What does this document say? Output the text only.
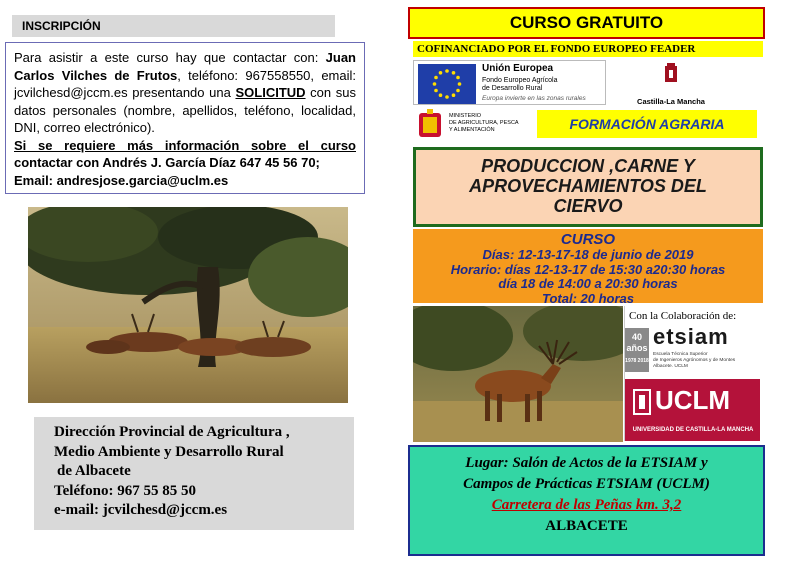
INSCRIPCIÓN
Para asistir a este curso hay que contactar con: Juan Carlos Vilches de Frutos, teléfono: 967558550, email: jcvilchesd@jccm.es presentando una SOLICITUD con sus datos personales (nombre, apellidos, teléfono, localidad, DNI, correo electrónico).
Si se requiere más información sobre el curso contactar con Andrés J. García Díaz 647 45 56 70;
Email: andresjose.garcia@uclm.es
Dirección Provincial de Agricultura ,
Medio Ambiente y Desarrollo Rural
de Albacete
Teléfono: 967 55 85 50
e-mail: jcvilchesd@jccm.es
CURSO GRATUITO
COFINANCIADO POR EL FONDO EUROPEO FEADER
Unión Europea
Fondo Europeo Agrícola
de Desarrollo Rural
Europa invierte en las zonas rurales	Castilla-La Mancha
MINISTERIO
DE AGRICULTURA, PESCA
Y ALIMENTACIÓN	FORMACIÓN AGRARIA
PRODUCCION ,CARNE Y
APROVECHAMIENTOS DEL
CIERVO
CURSO
Días: 12-13-17-18 de junio de 2019
Horario: días 12-13-17 de 15:30 a20:30 horas
día 18 de 14:00 a 20:30 horas
Total: 20 horas
Con la Colaboración de:
40 años
1978 2018
etsiam
Escuela Técnica Superior
de Ingenieros Agrónomos y de Montes
Albacete. UCLM
UCLM
UNIVERSIDAD DE CASTILLA-LA MANCHA
Lugar: Salón de Actos de la ETSIAM y
Campos de Prácticas ETSIAM (UCLM)
Carretera de las Peñas km. 3,2
ALBACETE
